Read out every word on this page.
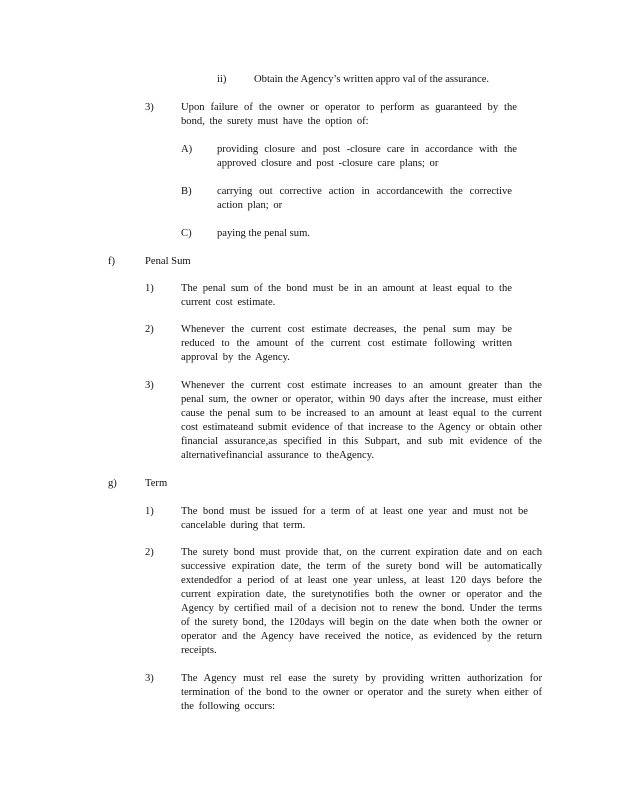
ii)	Obtain the Agency’s written appro val of the assurance.
3)	Upon failure of the owner or operator to perform as guaranteed by the bond, the surety must have the option of:
A) providing closure and post -closure care in accordance with the approved closure and post -closure care plans; or
B) carrying out corrective action in accordancewith the corrective action plan; or
C) paying the penal sum.
f)	Penal Sum
1)	The penal sum of the bond must be in an amount at least equal to the current cost estimate.
2)	Whenever the current cost estimate decreases, the penal sum may be reduced to the amount of the current cost estimate following written approval by the Agency.
3)	Whenever the current cost estimate increases to an amount greater than the penal sum, the owner or operator, within 90 days after the increase, must either cause the penal sum to be increased to an amount at least equal to the current cost estimateand submit evidence of that increase to the Agency or obtain other financial assurance,as specified in this Subpart, and sub mit evidence of the alternativefinancial assurance to theAgency.
g)	Term
1)	The bond must be issued for a term of at least one year and must not be cancelable during that term.
2)	The surety bond must provide that, on the current expiration date and on each successive expiration date, the term of the surety bond will be automatically extendedfor a period of at least one year unless, at least 120 days before the current expiration date, the suretynotifies both the owner or operator and the Agency by certified mail of a decision not to renew the bond. Under the terms of the surety bond, the 120days will begin on the date when both the owner or operator and the Agency have received the notice, as evidenced by the return receipts.
3)	The Agency must rel ease the surety by providing written authorization for termination of the bond to the owner or operator and the surety when either of the following occurs:
